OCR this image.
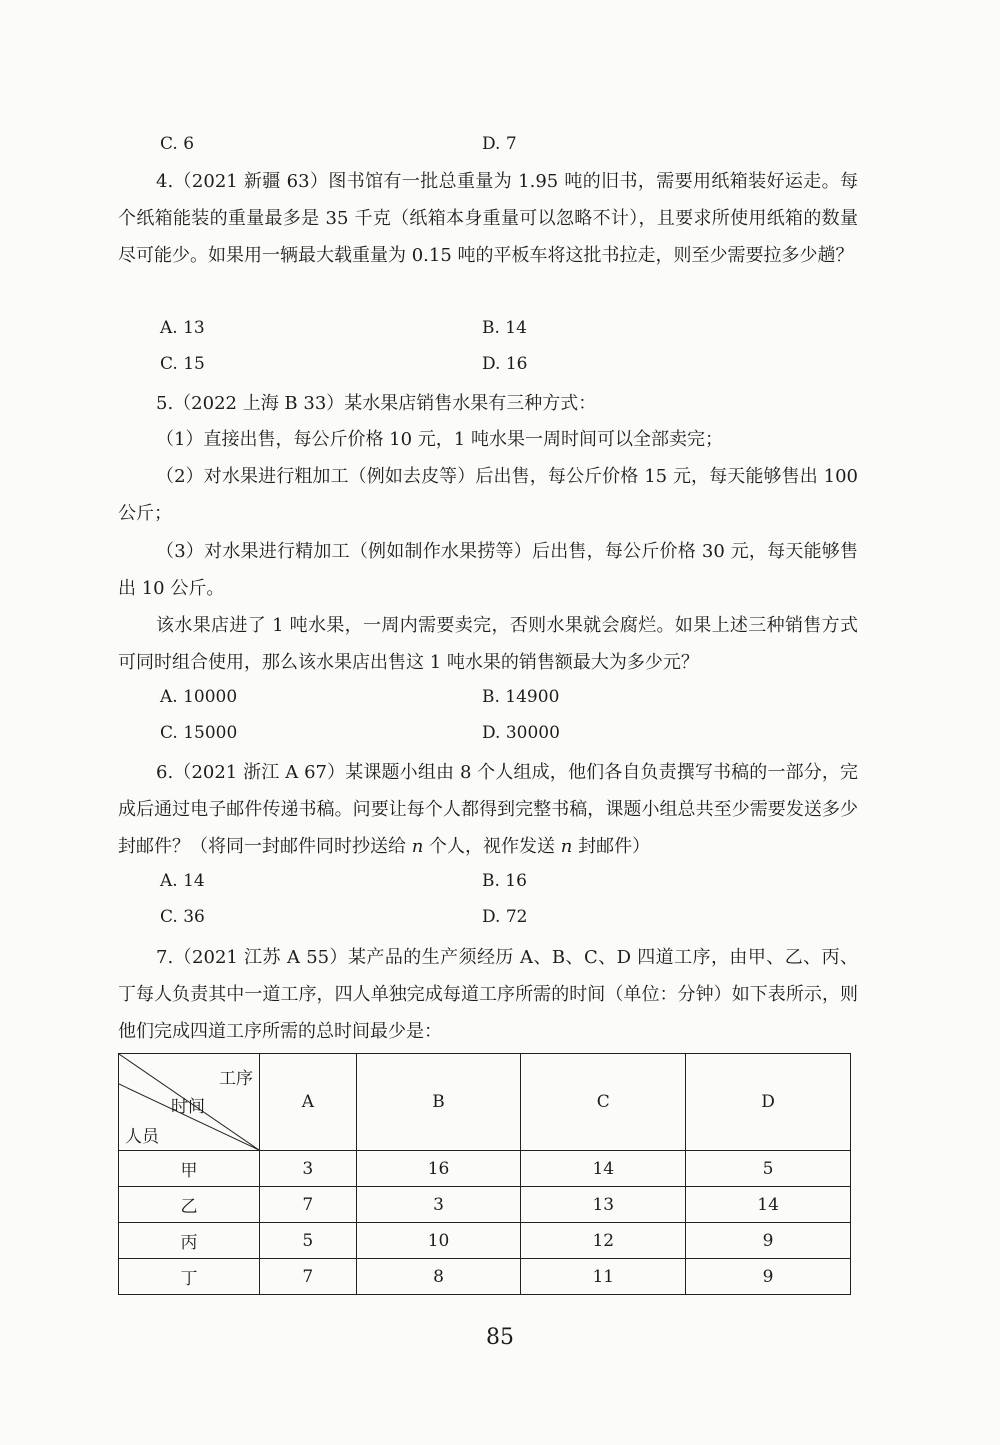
C. 6	D. 7
4.（2021 新疆 63）图书馆有一批总重量为 1.95 吨的旧书，需要用纸箱装好运走。每个纸箱能装的重量最多是 35 千克（纸箱本身重量可以忽略不计），且要求所使用纸箱的数量尽可能少。如果用一辆最大载重量为 0.15 吨的平板车将这批书拉走，则至少需要拉多少趟？
A. 13	B. 14
C. 15	D. 16
5.（2022 上海 B 33）某水果店销售水果有三种方式：
（1）直接出售，每公斤价格 10 元，1 吨水果一周时间可以全部卖完；
（2）对水果进行粗加工（例如去皮等）后出售，每公斤价格 15 元，每天能够售出 100 公斤；
（3）对水果进行精加工（例如制作水果捞等）后出售，每公斤价格 30 元，每天能够售出 10 公斤。
该水果店进了 1 吨水果，一周内需要卖完，否则水果就会腐烂。如果上述三种销售方式可同时组合使用，那么该水果店出售这 1 吨水果的销售额最大为多少元？
A. 10000	B. 14900
C. 15000	D. 30000
6.（2021 浙江 A 67）某课题小组由 8 个人组成，他们各自负责撰写书稿的一部分，完成后通过电子邮件传递书稿。问要让每个人都得到完整书稿，课题小组总共至少需要发送多少封邮件？（将同一封邮件同时抄送给 n 个人，视作发送 n 封邮件）
A. 14	B. 16
C. 36	D. 72
7.（2021 江苏 A 55）某产品的生产须经历 A、B、C、D 四道工序，由甲、乙、丙、丁每人负责其中一道工序，四人单独完成每道工序所需的时间（单位：分钟）如下表所示，则他们完成四道工序所需的总时间最少是：
工序
时间
人员	A	B	C	D
甲	3	16	14	5
乙	7	3	13	14
丙	5	10	12	9
丁	7	8	11	9
85
